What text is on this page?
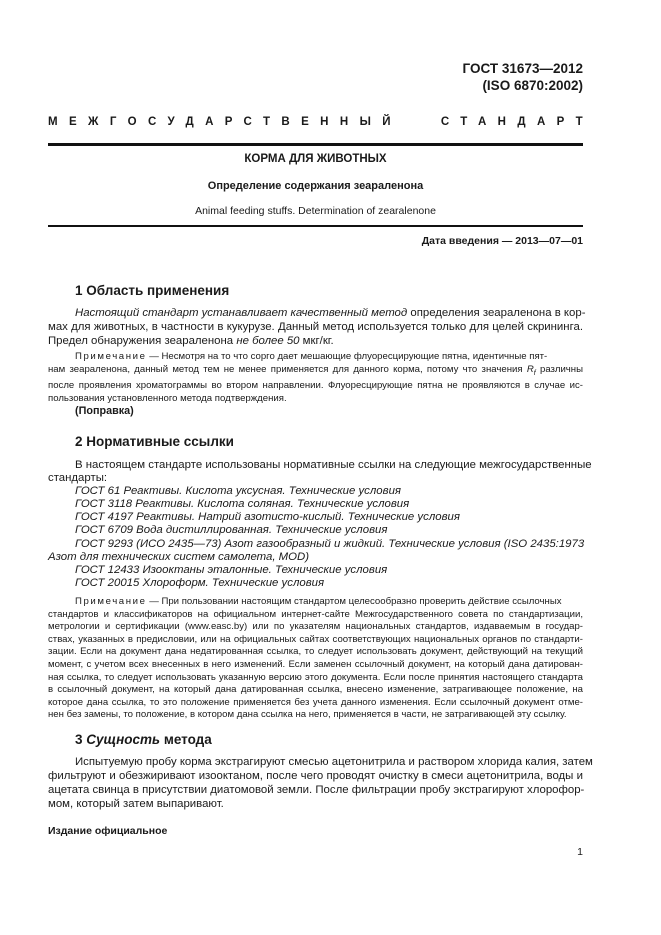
ГОСТ 31673—2012
(ISO 6870:2002)
МЕЖГОСУДАРСТВЕННЫЙ	СТАНДАРТ
КОРМА ДЛЯ ЖИВОТНЫХ
Определение содержания зеараленона
Animal feeding stuffs. Determination of zearalenone
Дата введения — 2013—07—01
1 Область применения
Настоящий стандарт устанавливает качественный метод определения зеараленона в кор-
мах для животных, в частности в кукурузе. Данный метод используется только для целей скрининга.
Предел обнаружения зеараленона не более 50 мкг/кг.
Примечание — Несмотря на то что сорго дает мешающие флуоресцирующие пятна, идентичные пят-
нам зеараленона, данный метод тем не менее применяется для данного корма, потому что значения $R_f$ различны
после проявления хроматограммы во втором направлении. Флуоресцирующие пятна не проявляются в случае ис-
пользования установленного метода подтверждения.
(Поправка)
2 Нормативные ссылки
В настоящем стандарте использованы нормативные ссылки на следующие межгосударственные
стандарты:
ГОСТ 61 Реактивы. Кислота уксусная. Технические условия
ГОСТ 3118 Реактивы. Кислота соляная. Технические условия
ГОСТ 4197 Реактивы. Натрий азотисто-кислый. Технические условия
ГОСТ 6709 Вода дистиллированная. Технические условия
ГОСТ 9293 (ИСО 2435—73) Азот газообразный и жидкий. Технические условия (ISO 2435:1973
Азот для технических систем самолета, MOD)
ГОСТ 12433 Изооктаны эталонные. Технические условия
ГОСТ 20015 Хлороформ. Технические условия
Примечание — При пользовании настоящим стандартом целесообразно проверить действие ссылочных
стандартов и классификаторов на официальном интернет-сайте Межгосударственного совета по стандартизации,
метрологии и сертификации (www.easc.by) или по указателям национальных стандартов, издаваемым в государ-
ствах, указанных в предисловии, или на официальных сайтах соответствующих национальных органов по стандарти-
зации. Если на документ дана недатированная ссылка, то следует использовать документ, действующий на текущий
момент, с учетом всех внесенных в него изменений. Если заменен ссылочный документ, на который дана датирован-
ная ссылка, то следует использовать указанную версию этого документа. Если после принятия настоящего стандарта
в ссылочный документ, на который дана датированная ссылка, внесено изменение, затрагивающее положение, на
которое дана ссылка, то это положение применяется без учета данного изменения. Если ссылочный документ отме-
нен без замены, то положение, в котором дана ссылка на него, применяется в части, не затрагивающей эту ссылку.
3 Сущность метода
Испытуемую пробу корма экстрагируют смесью ацетонитрила и раствором хлорида калия, затем
фильтруют и обезжиривают изооктаном, после чего проводят очистку в смеси ацетонитрила, воды и
ацетата свинца в присутствии диатомовой земли. После фильтрации пробу экстрагируют хлорофор-
мом, который затем выпаривают.
Издание официальное
1
